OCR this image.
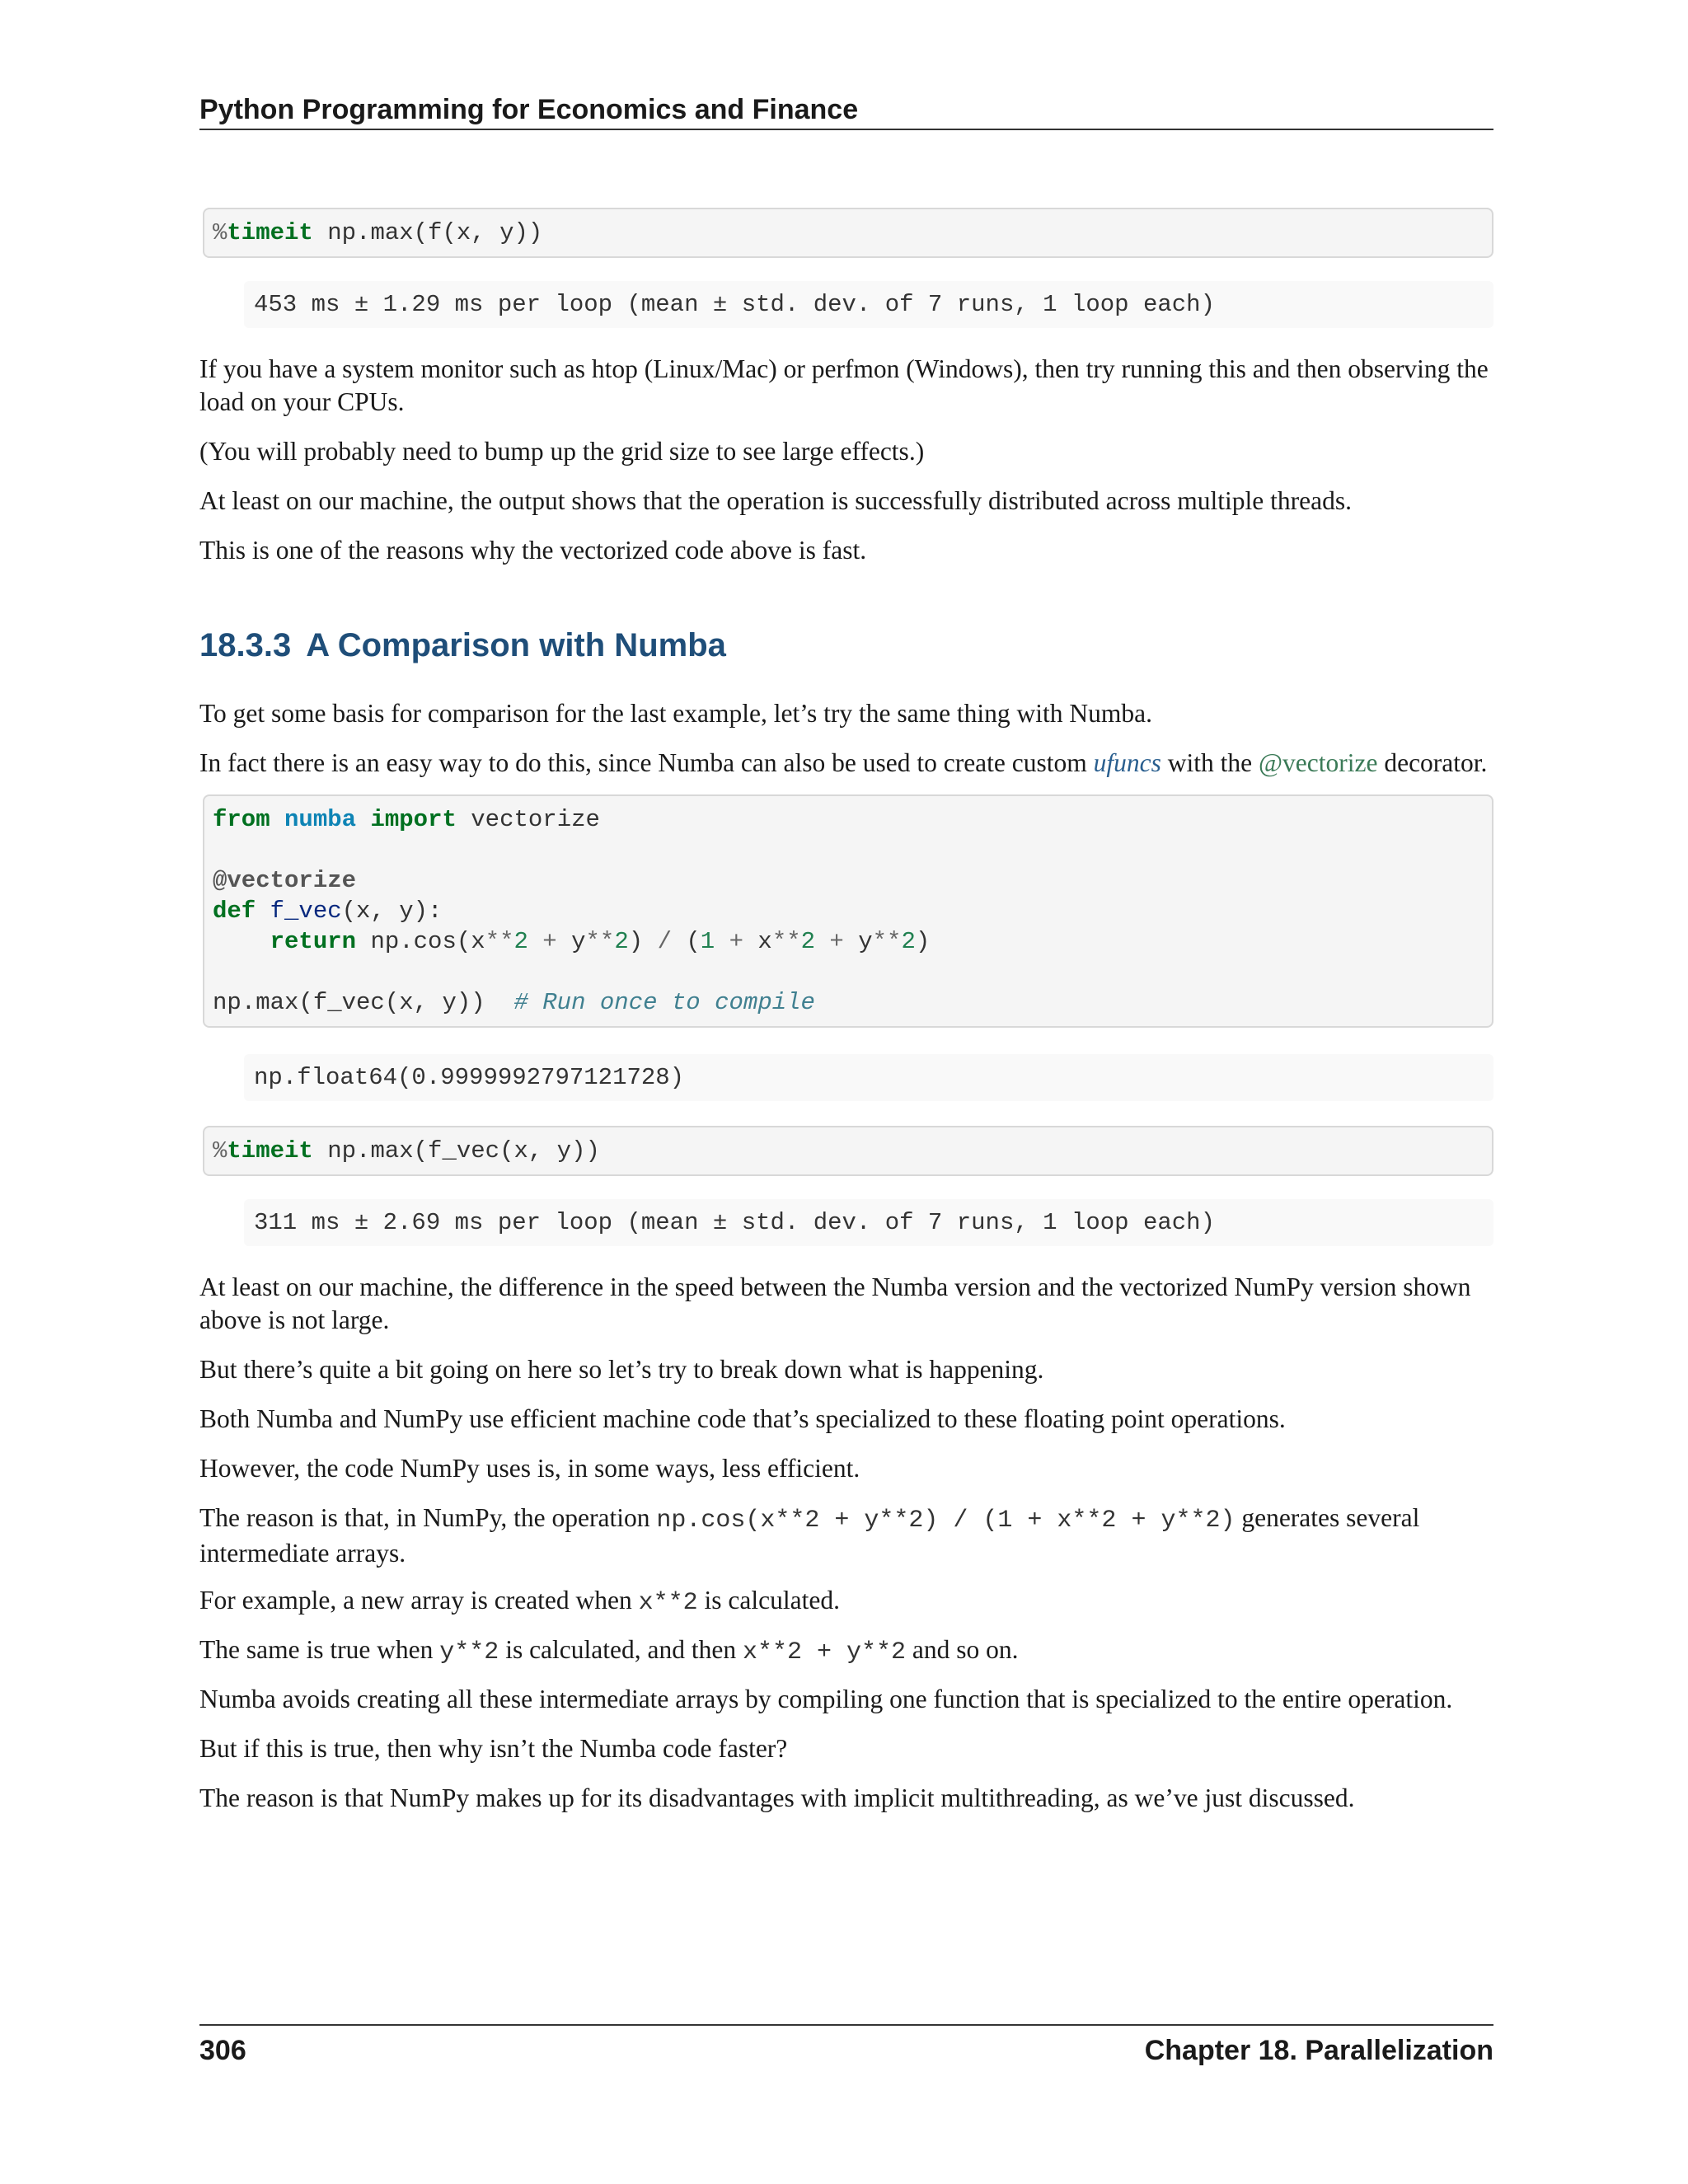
Python Programming for Economics and Finance
%timeit np.max(f(x, y))
453 ms ± 1.29 ms per loop (mean ± std. dev. of 7 runs, 1 loop each)

If you have a system monitor such as htop (Linux/Mac) or perfmon (Windows), then try running this and then observing the load on your CPUs.

(You will probably need to bump up the grid size to see large effects.)

At least on our machine, the output shows that the operation is successfully distributed across multiple threads.

This is one of the reasons why the vectorized code above is fast.

18.3.3 A Comparison with Numba

To get some basis for comparison for the last example, let’s try the same thing with Numba.

In fact there is an easy way to do this, since Numba can also be used to create custom ufuncs with the @vectorize decorator.

from numba import vectorize

@vectorize
def f_vec(x, y):
return np.cos(x**2 + y**2) / (1 + x**2 + y**2)

np.max(f_vec(x, y))  # Run once to compile
np.float64(0.9999992797121728)
%timeit np.max(f_vec(x, y))
311 ms ± 2.69 ms per loop (mean ± std. dev. of 7 runs, 1 loop each)

At least on our machine, the difference in the speed between the Numba version and the vectorized NumPy version shown above is not large.

But there’s quite a bit going on here so let’s try to break down what is happening.

Both Numba and NumPy use efficient machine code that’s specialized to these floating point operations.

However, the code NumPy uses is, in some ways, less efficient.

The reason is that, in NumPy, the operation np.cos(x**2 + y**2) / (1 + x**2 + y**2) generates several intermediate arrays.

For example, a new array is created when x**2 is calculated.

The same is true when y**2 is calculated, and then x**2 + y**2 and so on.

Numba avoids creating all these intermediate arrays by compiling one function that is specialized to the entire operation.

But if this is true, then why isn’t the Numba code faster?

The reason is that NumPy makes up for its disadvantages with implicit multithreading, as we’ve just discussed.

306	Chapter 18. Parallelization
